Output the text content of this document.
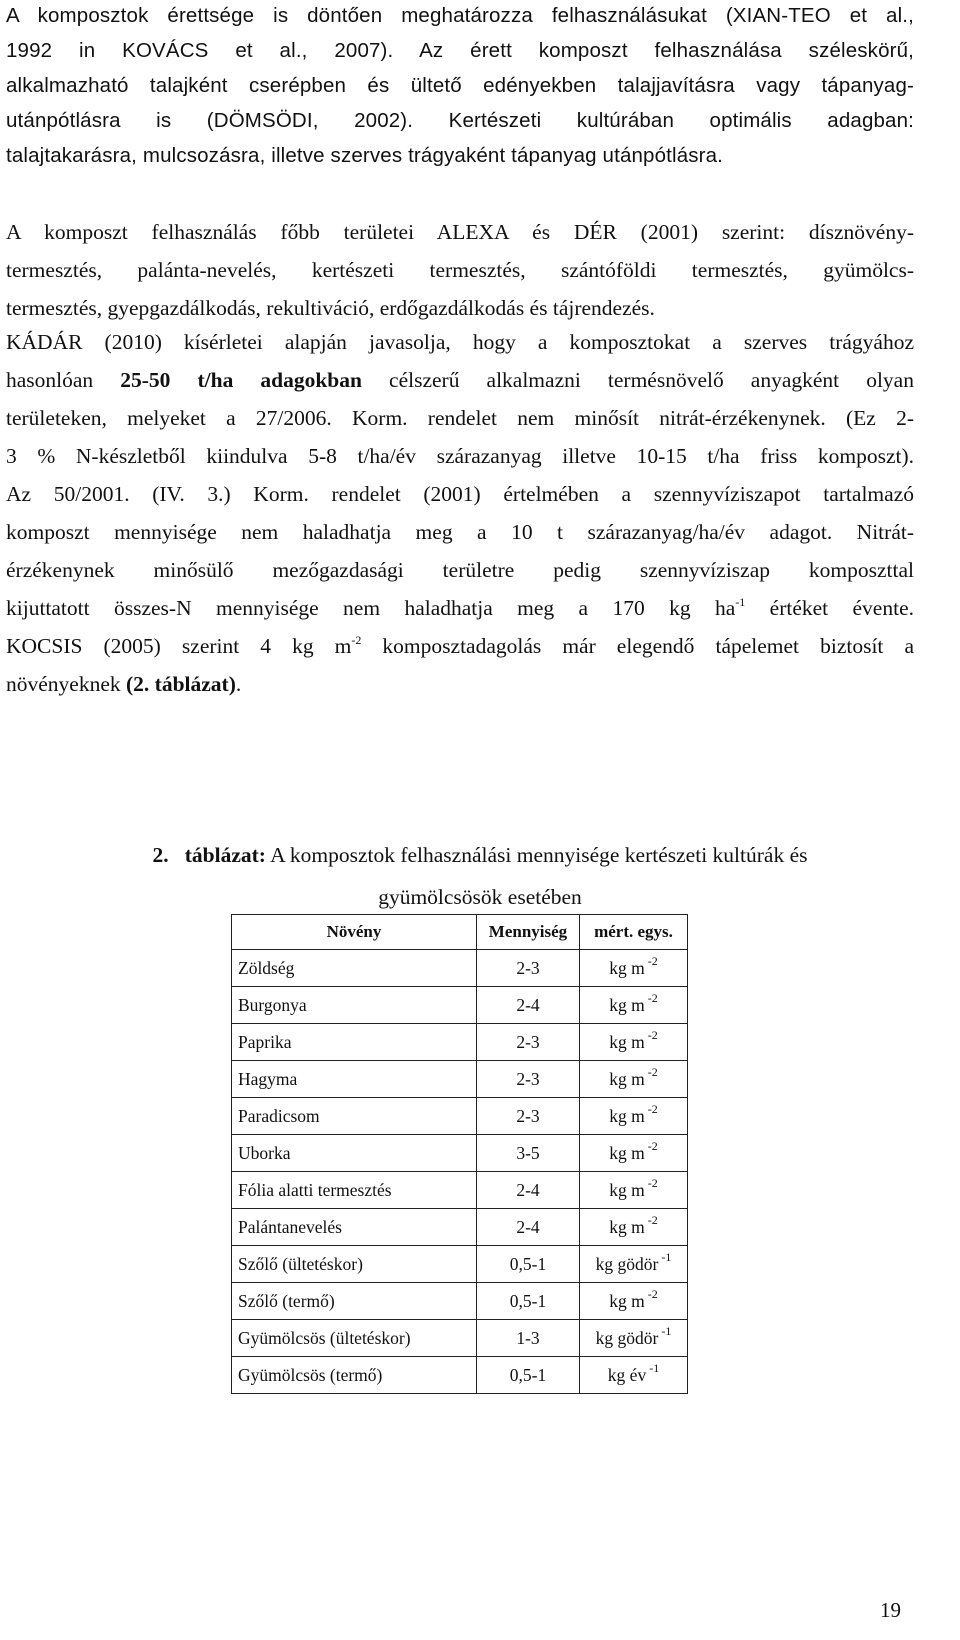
A komposztok érettsége is döntően meghatározza felhasználásukat (XIAN-TEO et al.,
1992 in KOVÁCS et al., 2007). Az érett komposzt felhasználása széleskörű,
alkalmazható talajként cserépben és ültető edényekben talajjavításra vagy tápanyag-
utánpótlásra is (DÖMSÖDI, 2002). Kertészeti kultúrában optimális adagban:
talajtakarásra, mulcsozásra, illetve szerves trágyaként tápanyag utánpótlásra.
A komposzt felhasználás főbb területei ALEXA és DÉR (2001) szerint: dísznövény-
termesztés, palánta-nevelés, kertészeti termesztés, szántóföldi termesztés, gyümölcs-
termesztés, gyepgazdálkodás, rekultiváció, erdőgazdálkodás és tájrendezés.
KÁDÁR (2010) kísérletei alapján javasolja, hogy a komposztokat a szerves trágyához
hasonlóan 25-50 t/ha adagokban célszerű alkalmazni termésnövelő anyagként olyan
területeken, melyeket a 27/2006. Korm. rendelet nem minősít nitrát-érzékenynek. (Ez 2-
3 % N-készletből kiindulva 5-8 t/ha/év szárazanyag illetve 10-15 t/ha friss komposzt).
Az 50/2001. (IV. 3.) Korm. rendelet (2001) értelmében a szennyvíziszapot tartalmazó
komposzt mennyisége nem haladhatja meg a 10 t szárazanyag/ha/év adagot. Nitrát-
érzékenynek minősülő mezőgazdasági területre pedig szennyvíziszap komposzttal
kijuttatott összes-N mennyisége nem haladhatja meg a 170 kg $ha^{-1}$ értéket évente.
KOCSIS (2005) szerint 4 kg $m^{-2}$ komposztadagolás már elegendő tápelemet biztosít a
növényeknek (2. táblázat).
2. táblázat: A komposztok felhasználási mennyisége kertészeti kultúrák és
gyümölcsösök esetében
Növény	Mennyiség	mért. egys.
Zöldség	2-3	kg m $^{-2}$
Burgonya	2-4	kg m $^{-2}$
Paprika	2-3	kg m $^{-2}$
Hagyma	2-3	kg m $^{-2}$
Paradicsom	2-3	kg m $^{-2}$
Uborka	3-5	kg m $^{-2}$
Fólia alatti termesztés	2-4	kg m $^{-2}$
Palántanevelés	2-4	kg m $^{-2}$
Szőlő (ültetéskor)	0,5-1	kg gödör $^{-1}$
Szőlő (termő)	0,5-1	kg m $^{-2}$
Gyümölcsös (ültetéskor)	1-3	kg gödör $^{-1}$
Gyümölcsös (termő)	0,5-1	kg év $^{-1}$
19
